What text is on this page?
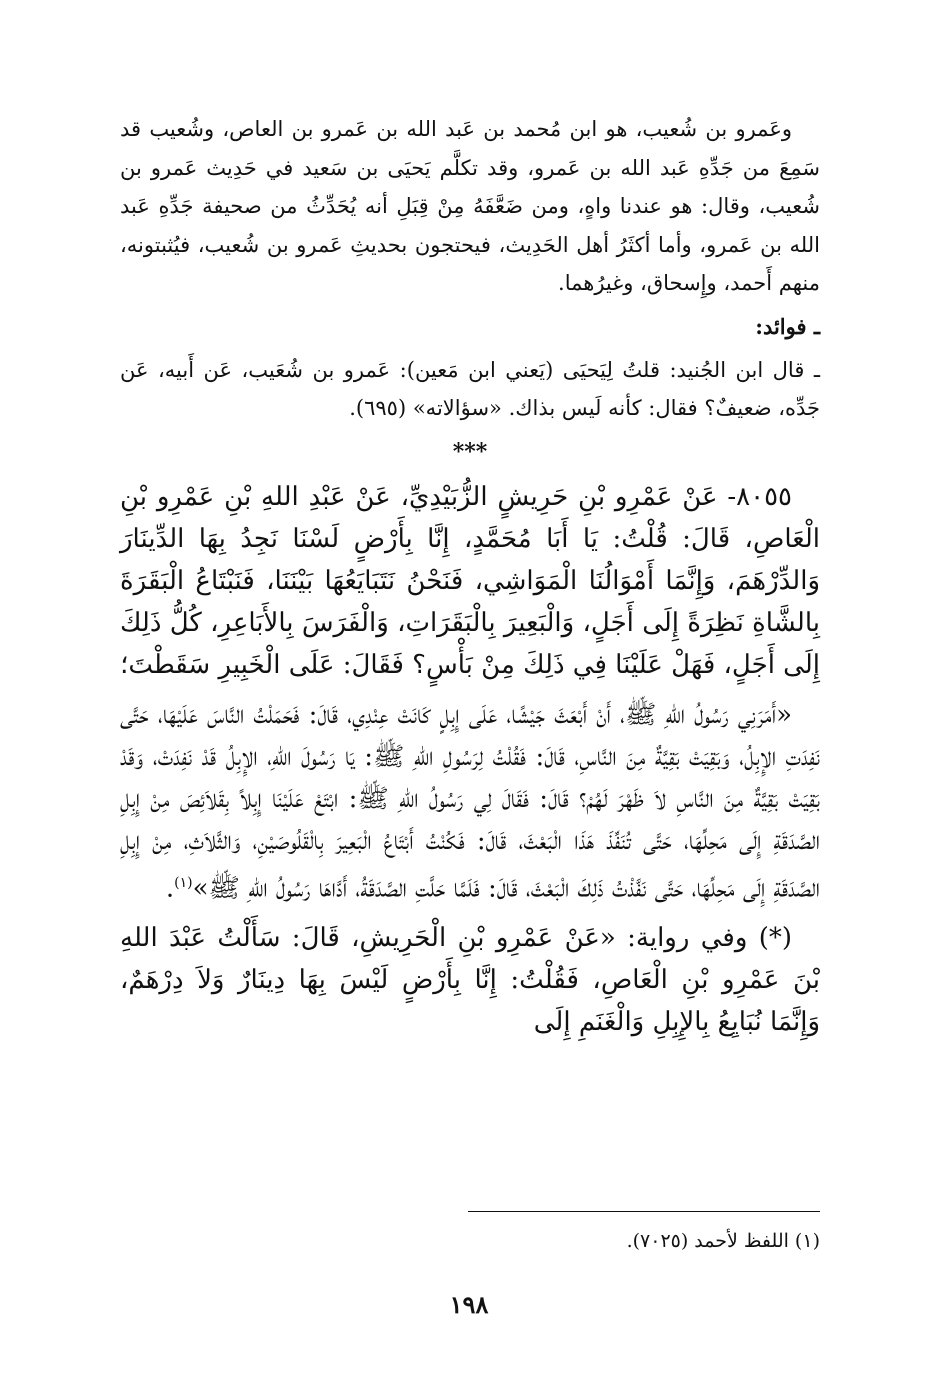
وعَمرو بن شُعيب، هو ابن مُحمد بن عَبد الله بن عَمرو بن العاص، وشُعيب قد سَمِعَ من جَدِّهِ عَبد الله بن عَمرو، وقد تكلَّم يَحيَى بن سَعيد في حَدِيث عَمرو بن شُعيب، وقال: هو عندنا واهٍ، ومن ضَعَّفَهُ مِنْ قِبَلِ أنه يُحَدِّثُ من صحيفة جَدِّهِ عَبد الله بن عَمرو، وأما أكثَرُ أهل الحَدِيث، فيحتجون بحديثِ عَمرو بن شُعيب، فيُثبتونه، منهم أَحمد، وإِسحاق، وغيرُهما.

ـ فوائد:

ـ قال ابن الجُنيد: قلتُ لِيَحيَى (يَعني ابن مَعين): عَمرو بن شُعَيب، عَن أَبيه، عَن جَدِّه، ضعيفٌ؟ فقال: كأنه لَيس بذاك. «سؤالاته» (٦٩٥).

***

٨٠٥٥- عَنْ عَمْرِو بْنِ حَرِيشٍ الزُّبَيْدِيِّ، عَنْ عَبْدِ اللهِ بْنِ عَمْرِو بْنِ الْعَاصِ، قَالَ: قُلْتُ: يَا أَبَا مُحَمَّدٍ، إِنَّا بِأَرْضٍ لَسْنَا نَجِدُ بِهَا الدِّينَارَ وَالدِّرْهَمَ، وَإِنَّمَا أَمْوَالُنَا الْمَوَاشِي، فَنَحْنُ نَتَبَايَعُهَا بَيْنَنَا، فَنَبْتَاعُ الْبَقَرَةَ بِالشَّاةِ نَظِرَةً إِلَى أَجَلٍ، وَالْبَعِيرَ بِالْبَقَرَاتِ، وَالْفَرَسَ بِالأَبَاعِرِ، كُلُّ ذَلِكَ إِلَى أَجَلٍ، فَهَلْ عَلَيْنَا فِي ذَلِكَ مِنْ بَأْسٍ؟ فَقَالَ: عَلَى الْخَبِيرِ سَقَطْتَ؛

«أَمَرَنِي رَسُولُ اللهِ ﷺ، أَنْ أَبْعَثَ جَيْشًا، عَلَى إِبِلٍ كَانَتْ عِنْدِي، قَالَ: فَحَمَلْتُ النَّاسَ عَلَيْهَا، حَتَّى نَفِدَتِ الإِبِلُ، وَبَقِيَتْ بَقِيَّةٌ مِنَ النَّاسِ، قَالَ: فَقُلْتُ لِرَسُولِ اللهِ ﷺ: يَا رَسُولَ اللهِ، الإِبِلُ قَدْ نَفِدَتْ، وَقَدْ بَقِيَتْ بَقِيَّةٌ مِنَ النَّاسِ لاَ ظَهْرَ لَهُمْ؟ قَالَ: فَقَالَ لِي رَسُولُ اللهِ ﷺ: ابْتَعْ عَلَيْنَا إِبِلاً بِقَلاَئِصَ مِنْ إِبِلِ الصَّدَقَةِ إِلَى مَحِلِّهَا، حَتَّى تُنَفِّذَ هَذَا الْبَعْثَ، قَالَ: فَكُنْتُ أَبْتَاعُ الْبَعِيرَ بِالْقَلُوصَيْنِ، وَالثَّلاَثِ، مِنْ إِبِلِ الصَّدَقَةِ إِلَى مَحِلِّهَا، حَتَّى نَفَّذْتُ ذَلِكَ الْبَعْثَ، قَالَ: فَلَمَّا حَلَّتِ الصَّدَقَةُ، أَدَّاهَا رَسُولُ اللهِ ﷺ»$^{(١)}$.

(*) وفي رواية: «عَنْ عَمْرِو بْنِ الْحَرِيشِ، قَالَ: سَأَلْتُ عَبْدَ اللهِ بْنَ عَمْرِو بْنِ الْعَاصِ، فَقُلْتُ: إِنَّا بِأَرْضٍ لَيْسَ بِهَا دِينَارٌ وَلاَ دِرْهَمٌ، وَإِنَّمَا نُبَايِعُ بِالإِبِلِ وَالْغَنَمِ إِلَى

(١) اللفظ لأحمد (٧٠٢٥).
١٩٨
